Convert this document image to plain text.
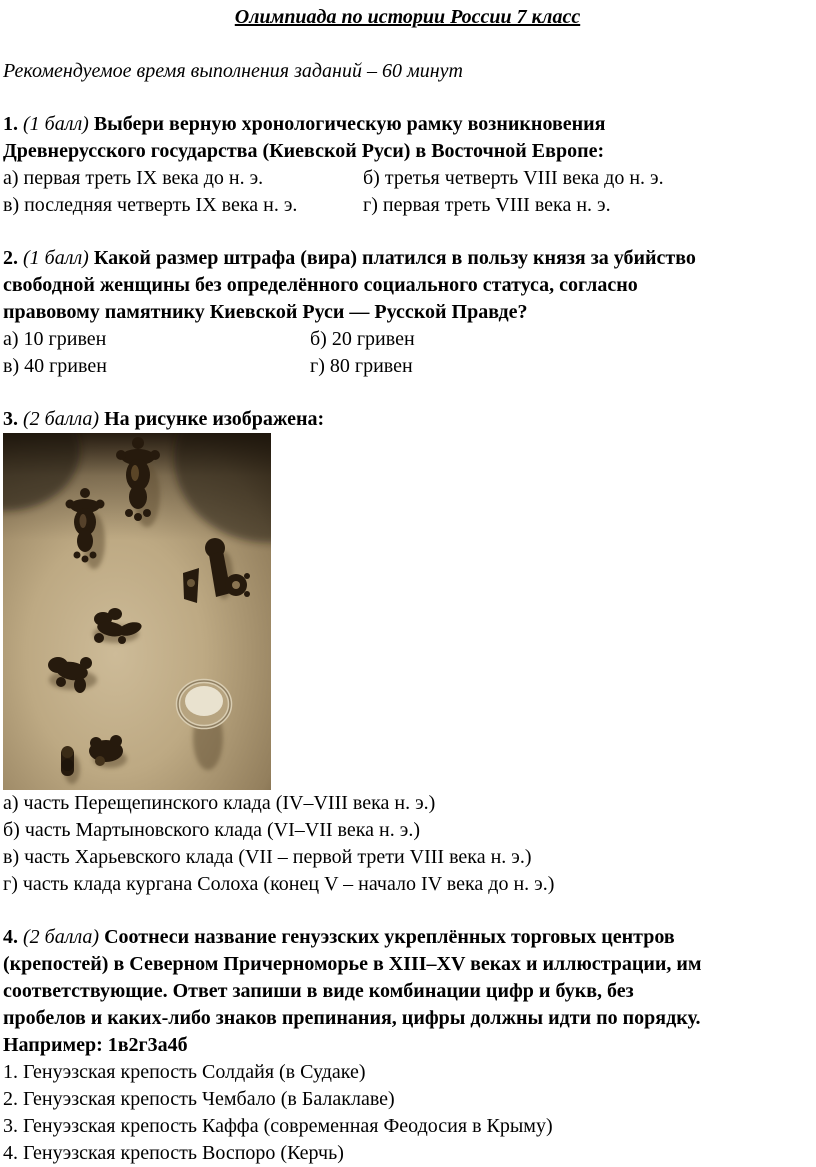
Олимпиада по истории России 7 класс
Рекомендуемое время выполнения заданий – 60 минут

1. (1 балл) Выбери верную хронологическую рамку возникновения
Древнерусского государства (Киевской Руси) в Восточной Европе:

а) первая треть IX века до н. э.	б) третья четверть VIII века до н. э.
в) последняя четверть IX века н. э.	г) первая треть VIII века н. э.

2. (1 балл) Какой размер штрафа (вира) платился в пользу князя за убийство
свободной женщины без определённого социального статуса, согласно
правовому памятнику Киевской Руси — Русской Правде?

а) 10 гривен	б) 20 гривен
в) 40 гривен	г) 80 гривен

3. (2 балла) На рисунке изображена:

а) часть Перещепинского клада (IV–VIII века н. э.)
б) часть Мартыновского клада (VI–VII века н. э.)
в) часть Харьевского клада (VII – первой трети VIII века н. э.)
г) часть клада кургана Солоха (конец V – начало IV века до н. э.)

4. (2 балла) Соотнеси название генуэзских укреплённых торговых центров
(крепостей) в Северном Причерноморье в XIII–XV веках и иллюстрации, им
соответствующие. Ответ запиши в виде комбинации цифр и букв, без
пробелов и каких-либо знаков препинания, цифры должны идти по порядку.
Например: 1в2г3а4б

1. Генуэзская крепость Солдайя (в Судаке)
2. Генуэзская крепость Чембало (в Балаклаве)
3. Генуэзская крепость Каффа (современная Феодосия в Крыму)
4. Генуэзская крепость Воспоро (Керчь)
